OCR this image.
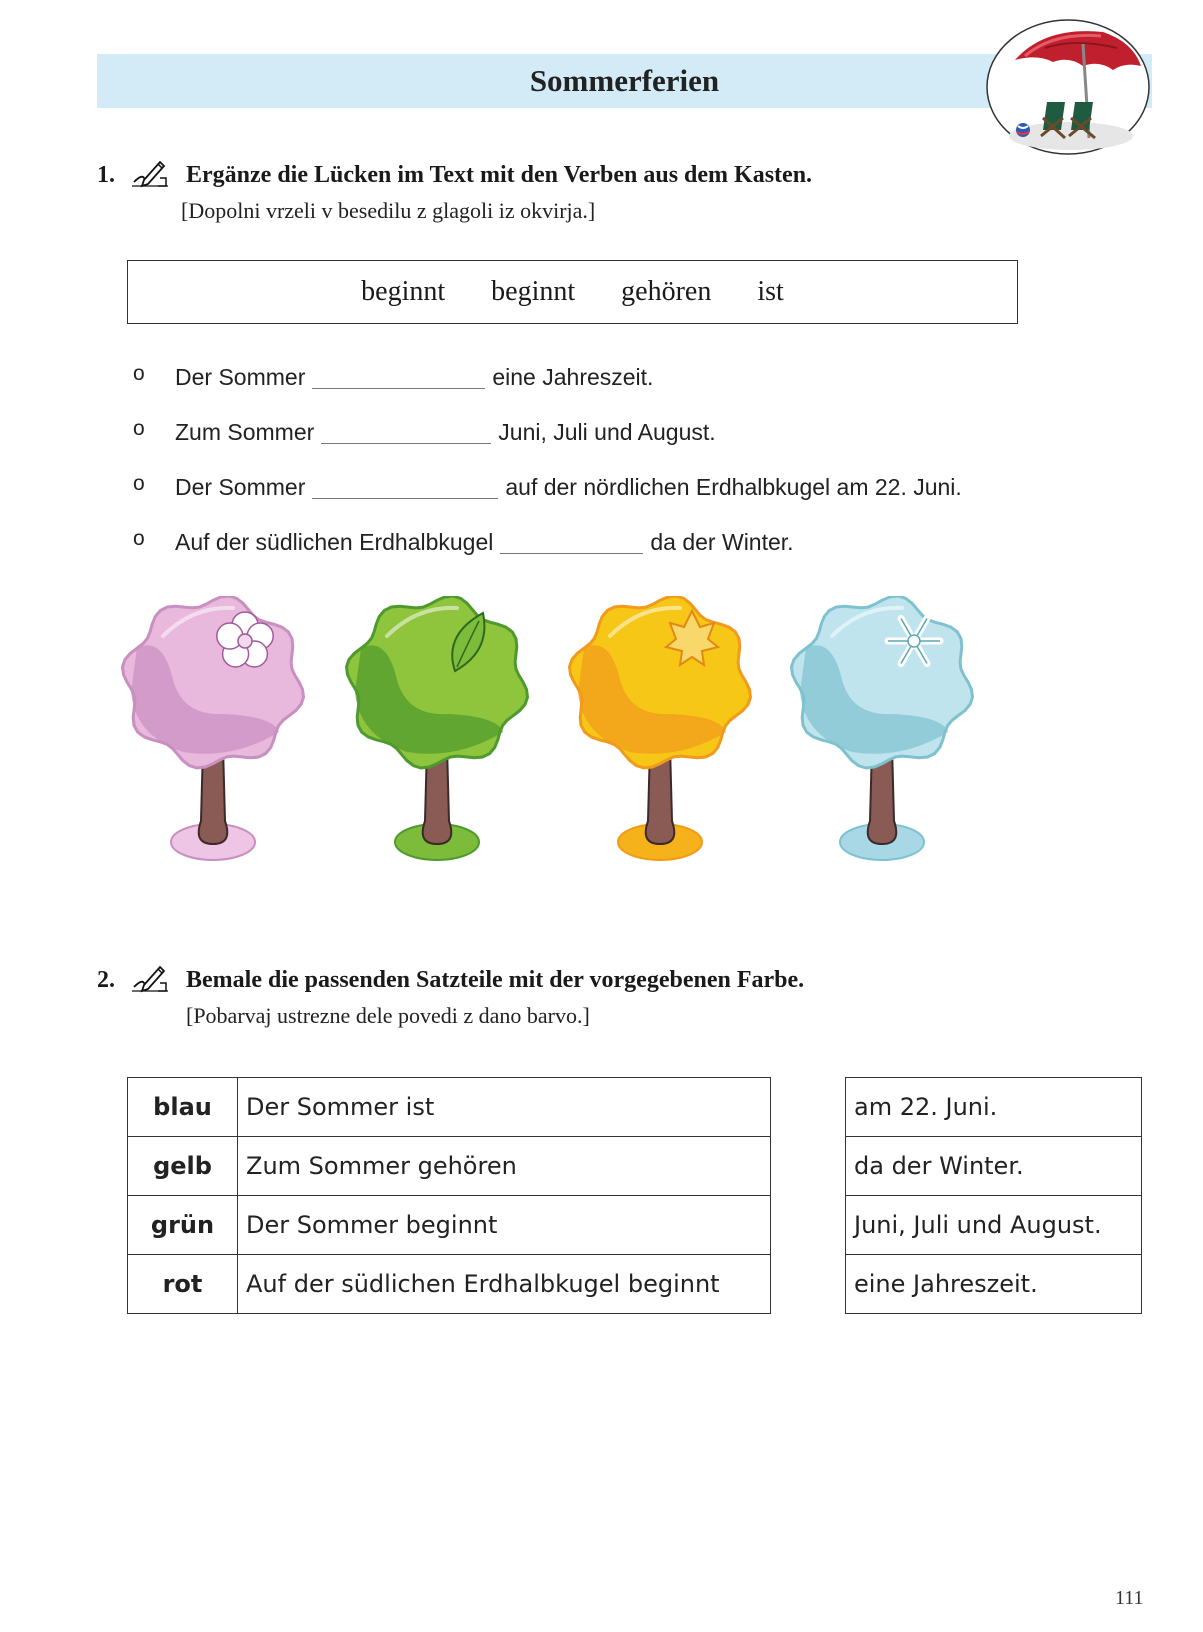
Sommerferien
1.	Ergänze die Lücken im Text mit den Verben aus dem Kasten.
[Dopolni vrzeli v besedilu z glagoli iz okvirja.]
beginnt beginnt gehören ist
o Der Sommer	eine Jahreszeit.
o Zum Sommer	Juni, Juli und August.
o Der Sommer	auf der nördlichen Erdhalbkugel am 22. Juni.
o Auf der südlichen Erdhalbkugel	da der Winter.
2.	Bemale die passenden Satzteile mit der vorgegebenen Farbe.
[Pobarvaj ustrezne dele povedi z dano barvo.]
blau	Der Sommer ist
gelb	Zum Sommer gehören
grün	Der Sommer beginnt
rot	Auf der südlichen Erdhalbkugel beginnt
am 22. Juni.
da der Winter.
Juni, Juli und August.
eine Jahreszeit.
111
